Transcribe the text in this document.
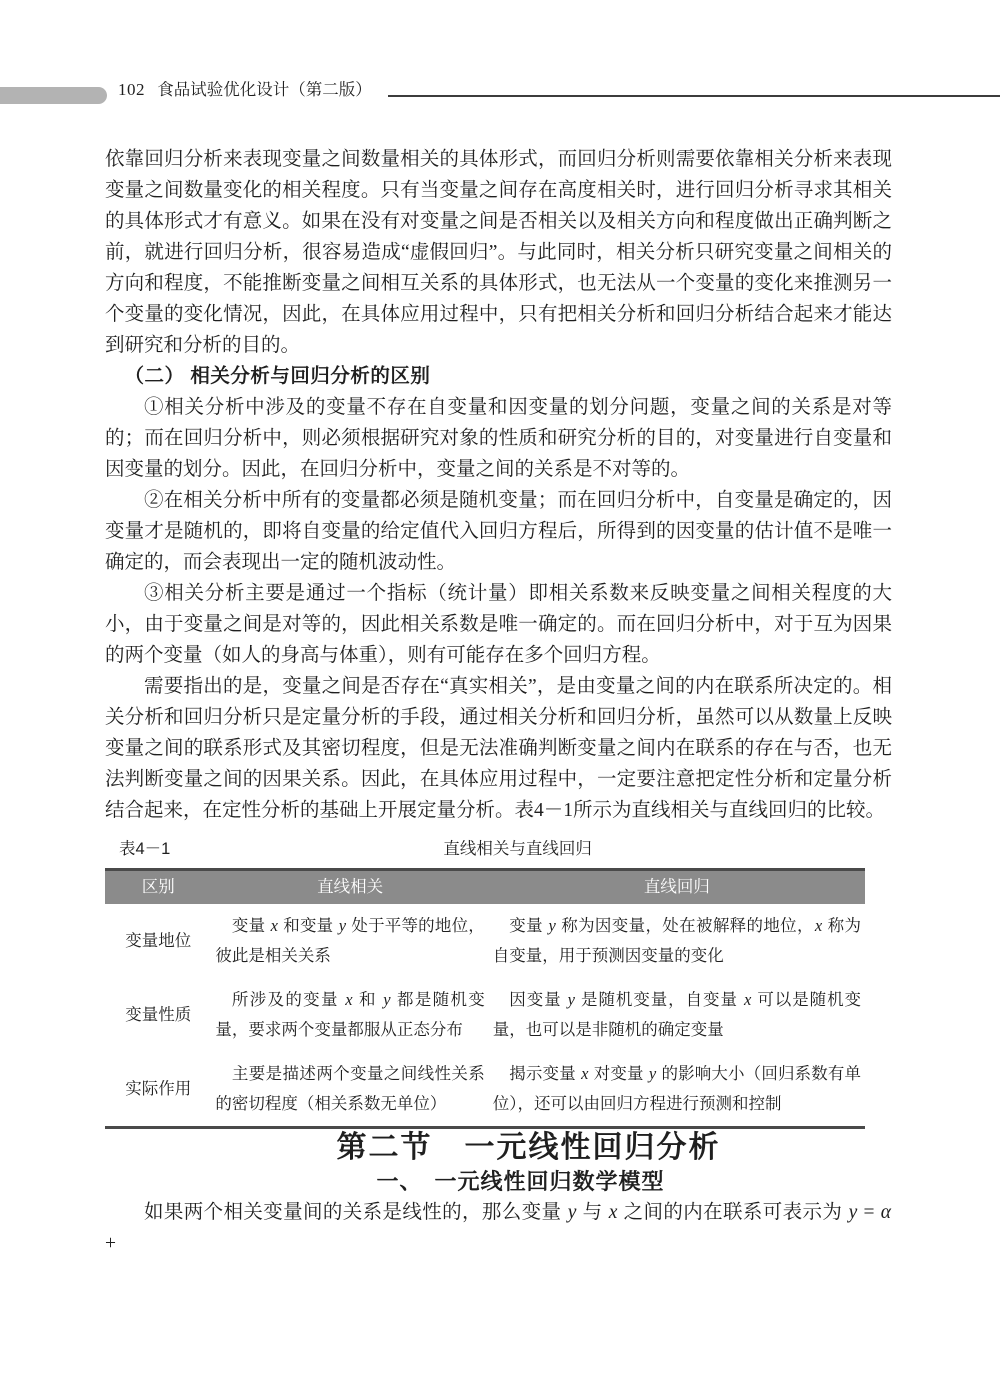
102 食品试验优化设计（第二版）

依靠回归分析来表现变量之间数量相关的具体形式，而回归分析则需要依靠相关分析来表现变量之间数量变化的相关程度。只有当变量之间存在高度相关时，进行回归分析寻求其相关的具体形式才有意义。如果在没有对变量之间是否相关以及相关方向和程度做出正确判断之前，就进行回归分析，很容易造成“虚假回归”。与此同时，相关分析只研究变量之间相关的方向和程度，不能推断变量之间相互关系的具体形式，也无法从一个变量的变化来推测另一个变量的变化情况，因此，在具体应用过程中，只有把相关分析和回归分析结合起来才能达到研究和分析的目的。

（二） 相关分析与回归分析的区别

①相关分析中涉及的变量不存在自变量和因变量的划分问题，变量之间的关系是对等的；而在回归分析中，则必须根据研究对象的性质和研究分析的目的，对变量进行自变量和因变量的划分。因此，在回归分析中，变量之间的关系是不对等的。

②在相关分析中所有的变量都必须是随机变量；而在回归分析中，自变量是确定的，因变量才是随机的，即将自变量的给定值代入回归方程后，所得到的因变量的估计值不是唯一确定的，而会表现出一定的随机波动性。

③相关分析主要是通过一个指标（统计量）即相关系数来反映变量之间相关程度的大小，由于变量之间是对等的，因此相关系数是唯一确定的。而在回归分析中，对于互为因果的两个变量（如人的身高与体重），则有可能存在多个回归方程。

需要指出的是，变量之间是否存在“真实相关”，是由变量之间的内在联系所决定的。相关分析和回归分析只是定量分析的手段，通过相关分析和回归分析，虽然可以从数量上反映变量之间的联系形式及其密切程度，但是无法准确判断变量之间内在联系的存在与否，也无法判断变量之间的因果关系。因此，在具体应用过程中，一定要注意把定性分析和定量分析结合起来，在定性分析的基础上开展定量分析。表4－1所示为直线相关与直线回归的比较。

表4－1	直线相关与直线回归
区别	直线相关	直线回归
变量地位	变量 x 和变量 y 处于平等的地位，彼此是相关关系	变量 y 称为因变量，处在被解释的地位，x 称为自变量，用于预测因变量的变化

变量性质	所涉及的变量 x 和 y 都是随机变量，要求两个变量都服从正态分布	因变量 y 是随机变量，自变量 x 可以是随机变量，也可以是非随机的确定变量

实际作用	主要是描述两个变量之间线性关系的密切程度（相关系数无单位）	揭示变量 x 对变量 y 的影响大小（回归系数有单位），还可以由回归方程进行预测和控制

第二节　一元线性回归分析

一、　一元线性回归数学模型

如果两个相关变量间的关系是线性的，那么变量 y 与 x 之间的内在联系可表示为 y = α +
